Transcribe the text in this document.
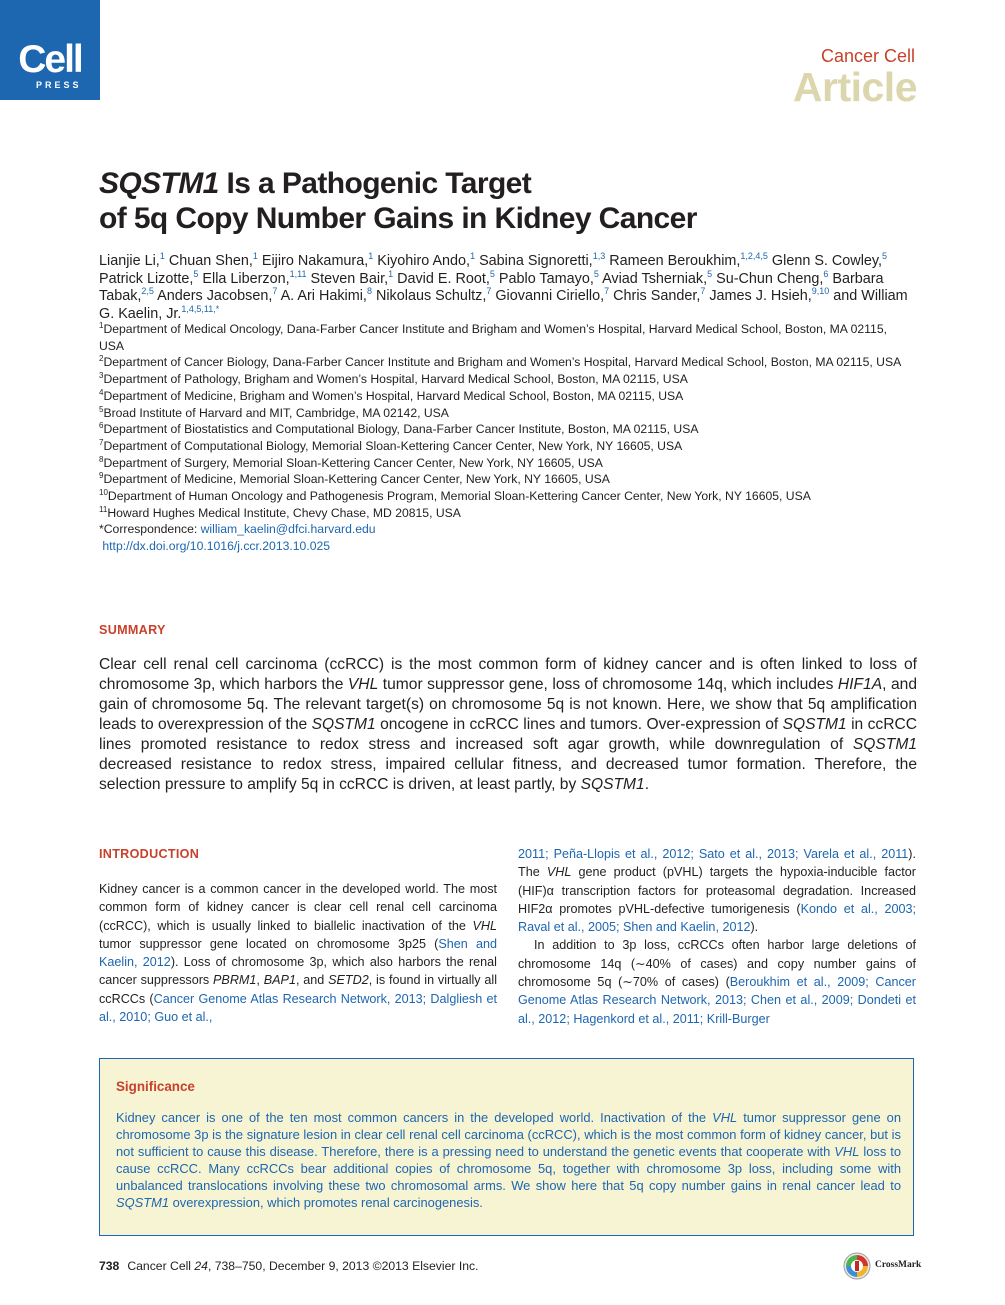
Cell
PRESS
Cancer Cell
Article
SQSTM1 Is a Pathogenic Target
of 5q Copy Number Gains in Kidney Cancer
Lianjie Li,$^1$ Chuan Shen,$^1$ Eijiro Nakamura,$^1$ Kiyohiro Ando,$^1$ Sabina Signoretti,$^{1,3}$ Rameen Beroukhim,$^{1,2,4,5}$ Glenn S. Cowley,$^5$ Patrick Lizotte,$^5$ Ella Liberzon,$^{1,11}$ Steven Bair,$^1$ David E. Root,$^5$ Pablo Tamayo,$^5$ Aviad Tsherniak,$^5$ Su-Chun Cheng,$^6$ Barbara Tabak,$^{2,5}$ Anders Jacobsen,$^7$ A. Ari Hakimi,$^8$ Nikolaus Schultz,$^7$ Giovanni Ciriello,$^7$ Chris Sander,$^7$ James J. Hsieh,$^{9,10}$ and William G. Kaelin, Jr.$^{1,4,5,11,*}$
$^1$Department of Medical Oncology, Dana-Farber Cancer Institute and Brigham and Women’s Hospital, Harvard Medical School, Boston, MA 02115, USA
$^2$Department of Cancer Biology, Dana-Farber Cancer Institute and Brigham and Women’s Hospital, Harvard Medical School, Boston, MA 02115, USA
$^3$Department of Pathology, Brigham and Women’s Hospital, Harvard Medical School, Boston, MA 02115, USA
$^4$Department of Medicine, Brigham and Women’s Hospital, Harvard Medical School, Boston, MA 02115, USA
$^5$Broad Institute of Harvard and MIT, Cambridge, MA 02142, USA
$^6$Department of Biostatistics and Computational Biology, Dana-Farber Cancer Institute, Boston, MA 02115, USA
$^7$Department of Computational Biology, Memorial Sloan-Kettering Cancer Center, New York, NY 16605, USA
$^8$Department of Surgery, Memorial Sloan-Kettering Cancer Center, New York, NY 16605, USA
$^9$Department of Medicine, Memorial Sloan-Kettering Cancer Center, New York, NY 16605, USA
$^{10}$Department of Human Oncology and Pathogenesis Program, Memorial Sloan-Kettering Cancer Center, New York, NY 16605, USA
$^{11}$Howard Hughes Medical Institute, Chevy Chase, MD 20815, USA
*Correspondence: william_kaelin@dfci.harvard.edu
http://dx.doi.org/10.1016/j.ccr.2013.10.025
SUMMARY
Clear cell renal cell carcinoma (ccRCC) is the most common form of kidney cancer and is often linked to loss of chromosome 3p, which harbors the VHL tumor suppressor gene, loss of chromosome 14q, which includes HIF1A, and gain of chromosome 5q. The relevant target(s) on chromosome 5q is not known. Here, we show that 5q amplification leads to overexpression of the SQSTM1 oncogene in ccRCC lines and tumors. Over-expression of SQSTM1 in ccRCC lines promoted resistance to redox stress and increased soft agar growth, while downregulation of SQSTM1 decreased resistance to redox stress, impaired cellular fitness, and decreased tumor formation. Therefore, the selection pressure to amplify 5q in ccRCC is driven, at least partly, by SQSTM1.
INTRODUCTION

Kidney cancer is a common cancer in the developed world. The most common form of kidney cancer is clear cell renal cell carcinoma (ccRCC), which is usually linked to biallelic inactivation of the VHL tumor suppressor gene located on chromosome 3p25 (Shen and Kaelin, 2012). Loss of chromosome 3p, which also harbors the renal cancer suppressors PBRM1, BAP1, and SETD2, is found in virtually all ccRCCs (Cancer Genome Atlas Research Network, 2013; Dalgliesh et al., 2010; Guo et al.,

2011; Peña-Llopis et al., 2012; Sato et al., 2013; Varela et al., 2011). The VHL gene product (pVHL) targets the hypoxia-inducible factor (HIF)α transcription factors for proteasomal degradation. Increased HIF2α promotes pVHL-defective tumorigenesis (Kondo et al., 2003; Raval et al., 2005; Shen and Kaelin, 2012).

In addition to 3p loss, ccRCCs often harbor large deletions of chromosome 14q (∼40% of cases) and copy number gains of chromosome 5q (∼70% of cases) (Beroukhim et al., 2009; Cancer Genome Atlas Research Network, 2013; Chen et al., 2009; Dondeti et al., 2012; Hagenkord et al., 2011; Krill-Burger

Significance
Kidney cancer is one of the ten most common cancers in the developed world. Inactivation of the VHL tumor suppressor gene on chromosome 3p is the signature lesion in clear cell renal cell carcinoma (ccRCC), which is the most common form of kidney cancer, but is not sufficient to cause this disease. Therefore, there is a pressing need to understand the genetic events that cooperate with VHL loss to cause ccRCC. Many ccRCCs bear additional copies of chromosome 5q, together with chromosome 3p loss, including some with unbalanced translocations involving these two chromosomal arms. We show here that 5q copy number gains in renal cancer lead to SQSTM1 overexpression, which promotes renal carcinogenesis.
738 Cancer Cell 24, 738–750, December 9, 2013 ©2013 Elsevier Inc.	CrossMark
